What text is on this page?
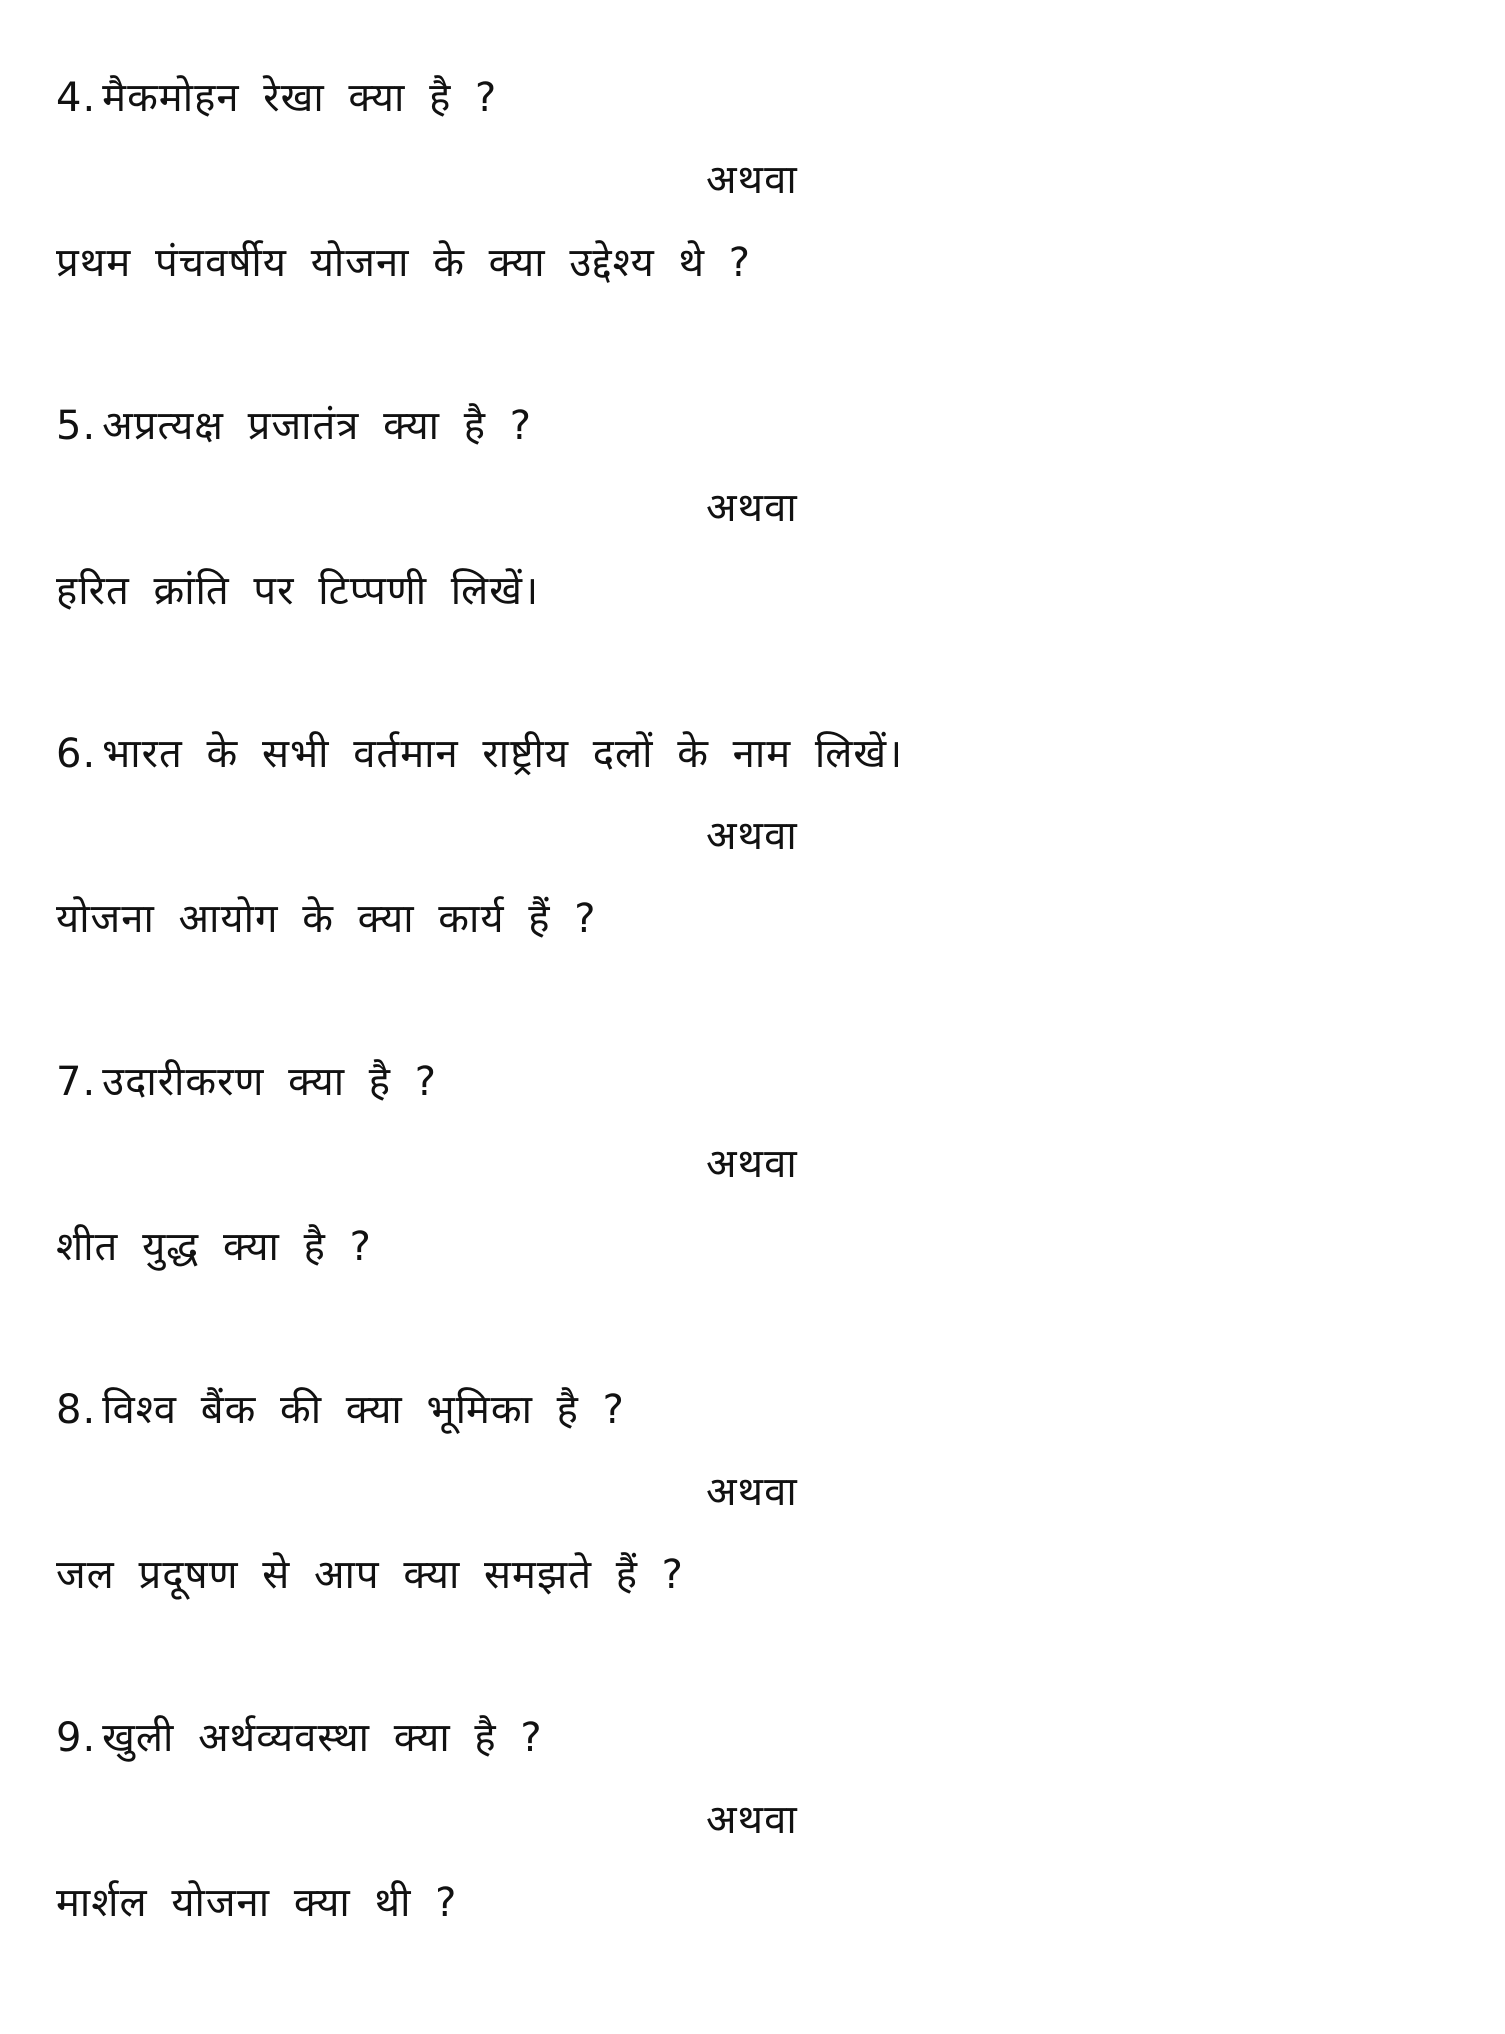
4. मैकमोहन रेखा क्या है ?
अथवा
प्रथम पंचवर्षीय योजना के क्या उद्देश्य थे ?
5. अप्रत्यक्ष प्रजातंत्र क्या है ?
अथवा
हरित क्रांति पर टिप्पणी लिखें।
6. भारत के सभी वर्तमान राष्ट्रीय दलों के नाम लिखें।
अथवा
योजना आयोग के क्या कार्य हैं ?
7. उदारीकरण क्या है ?
अथवा
शीत युद्ध क्या है ?
8. विश्व बैंक की क्या भूमिका है ?
अथवा
जल प्रदूषण से आप क्या समझते हैं ?
9. खुली अर्थव्यवस्था क्या है ?
अथवा
मार्शल योजना क्या थी ?
